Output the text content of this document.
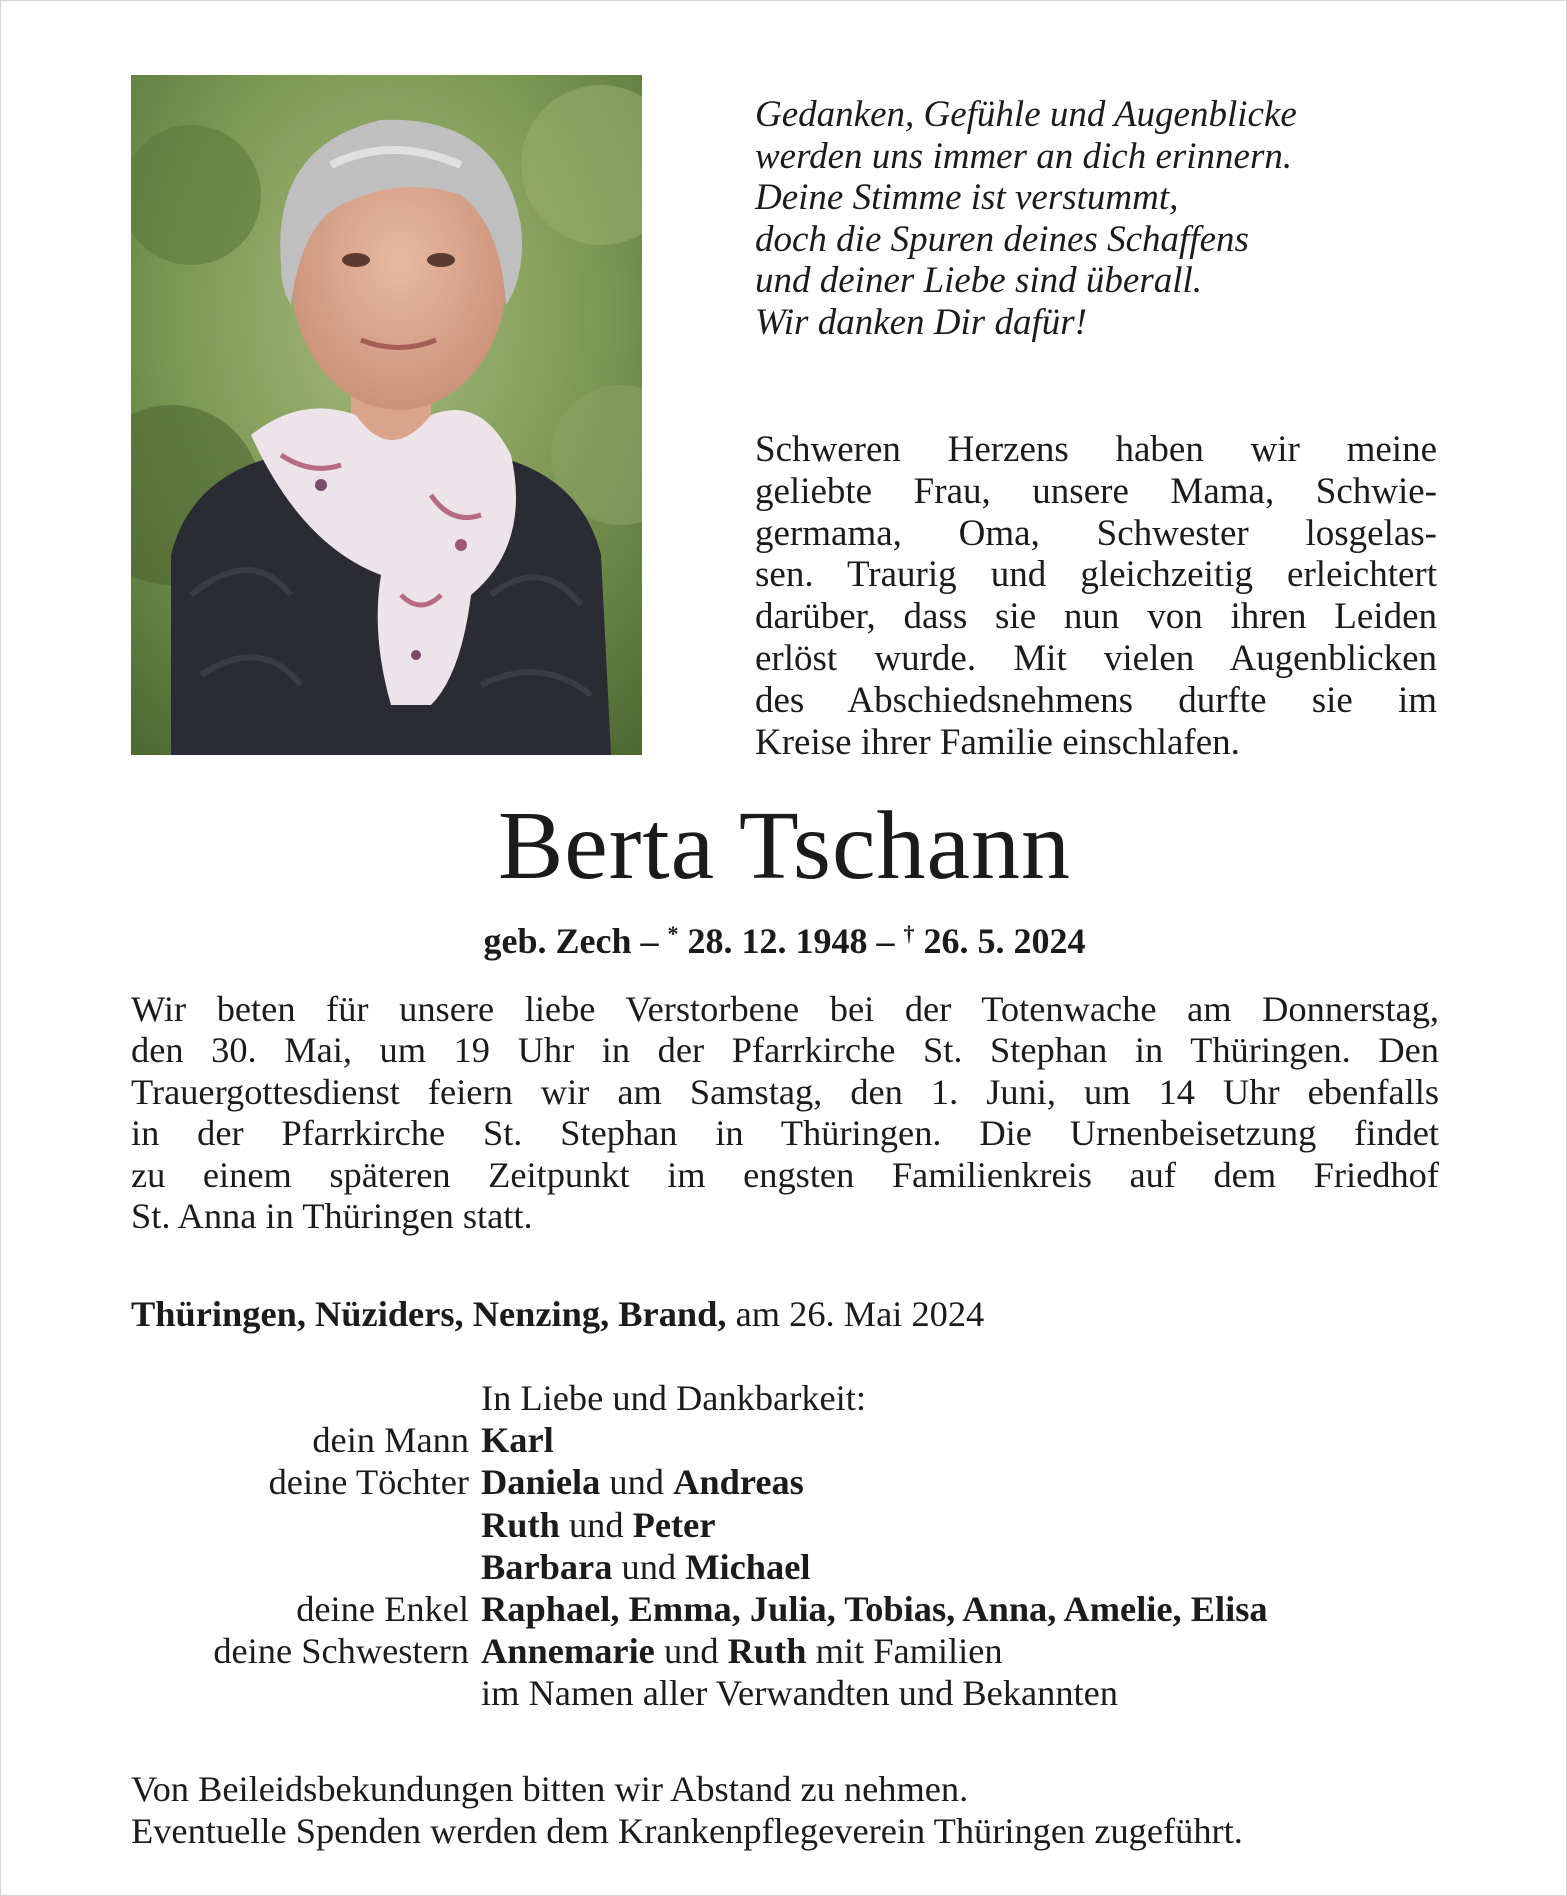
Gedanken, Gefühle und Augenblicke
werden uns immer an dich erinnern.
Deine Stimme ist verstummt,
doch die Spuren deines Schaffens
und deiner Liebe sind überall.
Wir danken Dir dafür!
Schweren Herzens haben wir meine
geliebte Frau, unsere Mama, Schwie-
germama, Oma, Schwester losgelas-
sen. Traurig und gleichzeitig erleichtert
darüber, dass sie nun von ihren Leiden
erlöst wurde. Mit vielen Augenblicken
des Abschiedsnehmens durfte sie im
Kreise ihrer Familie einschlafen.
Berta Tschann
geb. Zech – * 28. 12. 1948 – † 26. 5. 2024
Wir beten für unsere liebe Verstorbene bei der Totenwache am Donnerstag,
den 30. Mai, um 19 Uhr in der Pfarrkirche St. Stephan in Thüringen. Den
Trauergottesdienst feiern wir am Samstag, den 1. Juni, um 14 Uhr ebenfalls
in der Pfarrkirche St. Stephan in Thüringen. Die Urnenbeisetzung findet
zu einem späteren Zeitpunkt im engsten Familienkreis auf dem Friedhof
St. Anna in Thüringen statt.
Thüringen, Nüziders, Nenzing, Brand, am 26. Mai 2024
In Liebe und Dankbarkeit:
dein Mann Karl
deine Töchter Daniela und Andreas
Ruth und Peter
Barbara und Michael
deine Enkel Raphael, Emma, Julia, Tobias, Anna, Amelie, Elisa
deine Schwestern Annemarie und Ruth mit Familien
im Namen aller Verwandten und Bekannten
Von Beileidsbekundungen bitten wir Abstand zu nehmen.
Eventuelle Spenden werden dem Krankenpflegeverein Thüringen zugeführt.
